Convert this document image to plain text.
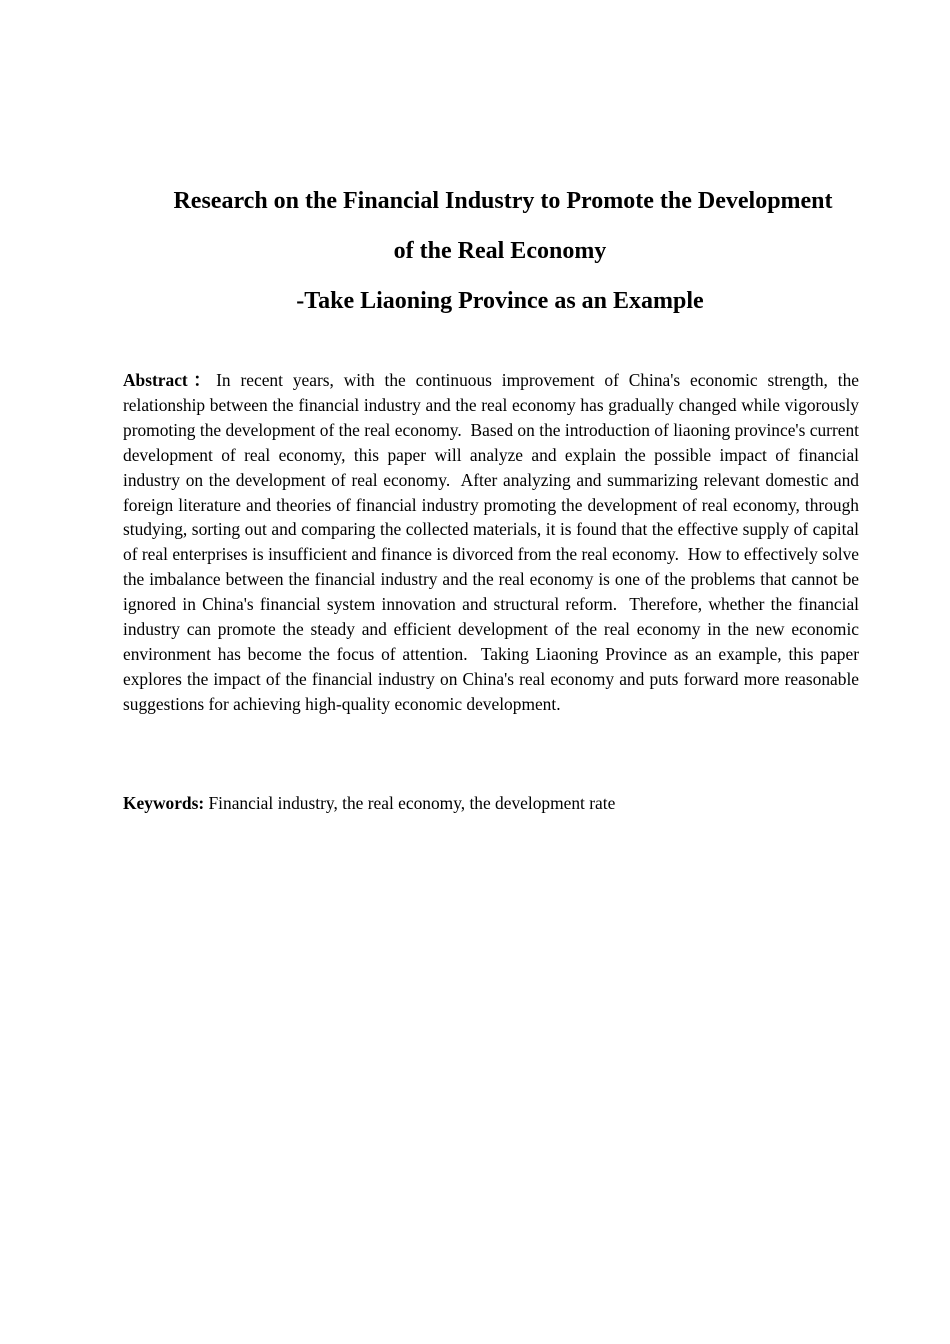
Research on the Financial Industry to Promote the Development

of the Real Economy

-Take Liaoning Province as an Example

Abstract：In recent years, with the continuous improvement of China's economic strength, the relationship between the financial industry and the real economy has gradually changed while vigorously promoting the development of the real economy.  Based on the introduction of liaoning province's current development of real economy, this paper will analyze and explain the possible impact of financial industry on the development of real economy.  After analyzing and summarizing relevant domestic and foreign literature and theories of financial industry promoting the development of real economy, through studying, sorting out and comparing the collected materials, it is found that the effective supply of capital of real enterprises is insufficient and finance is divorced from the real economy.  How to effectively solve the imbalance between the financial industry and the real economy is one of the problems that cannot be ignored in China's financial system innovation and structural reform.  Therefore, whether the financial industry can promote the steady and efficient development of the real economy in the new economic environment has become the focus of attention.  Taking Liaoning Province as an example, this paper explores the impact of the financial industry on China's real economy and puts forward more reasonable suggestions for achieving high-quality economic development.

Keywords: Financial industry, the real economy, the development rate
